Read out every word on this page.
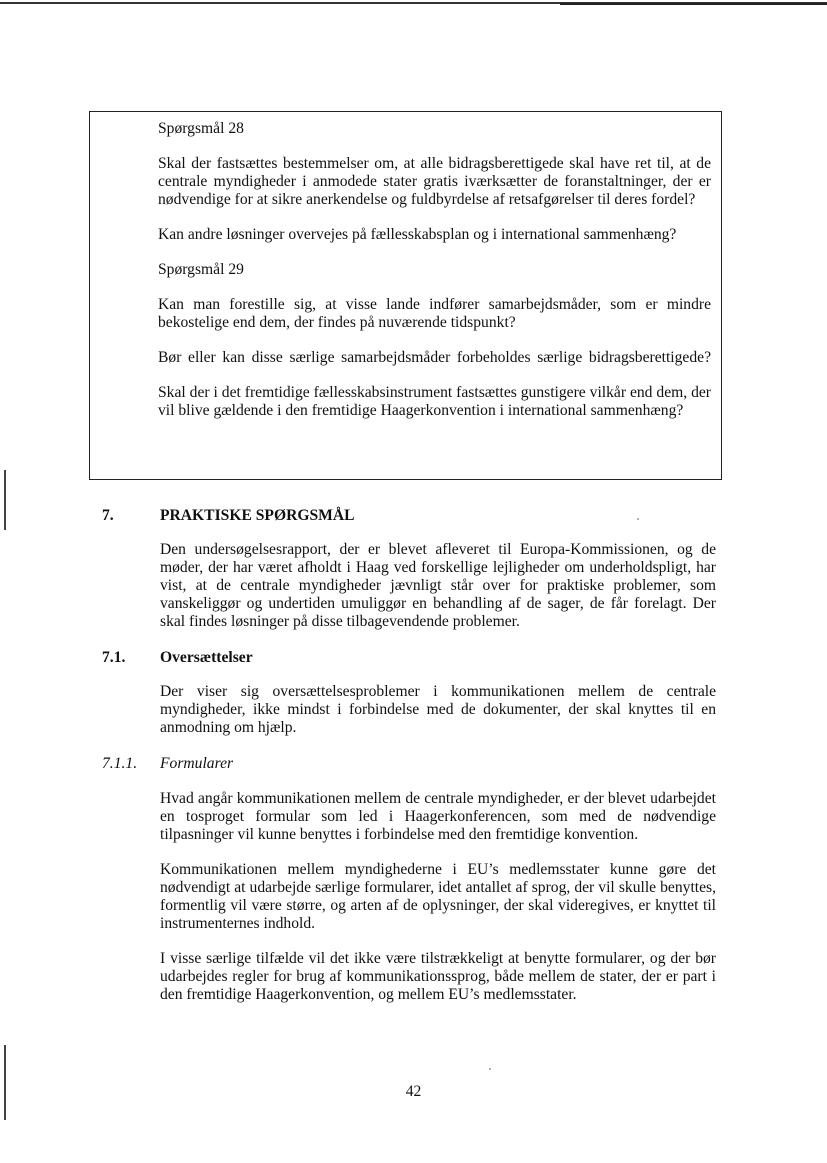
Spørgsmål 28

Skal der fastsættes bestemmelser om, at alle bidragsberettigede skal have ret til, at de centrale myndigheder i anmodede stater gratis iværksætter de foranstaltninger, der er nødvendige for at sikre anerkendelse og fuldbyrdelse af retsafgørelser til deres fordel?

Kan andre løsninger overvejes på fællesskabsplan og i international sammenhæng?

Spørgsmål 29

Kan man forestille sig, at visse lande indfører samarbejdsmåder, som er mindre bekostelige end dem, der findes på nuværende tidspunkt?

Bør eller kan disse særlige samarbejdsmåder forbeholdes særlige bidragsberettigede?

Skal der i det fremtidige fællesskabsinstrument fastsættes gunstigere vilkår end dem, der vil blive gældende i den fremtidige Haagerkonvention i international sammenhæng?

7.	PRAKTISKE SPØRGSMÅL

Den undersøgelsesrapport, der er blevet afleveret til Europa-Kommissionen, og de møder, der har været afholdt i Haag ved forskellige lejligheder om underholdspligt, har vist, at de centrale myndigheder jævnligt står over for praktiske problemer, som vanskeliggør og undertiden umuliggør en behandling af de sager, de får forelagt. Der skal findes løsninger på disse tilbagevendende problemer.

7.1. Oversættelser

Der viser sig oversættelsesproblemer i kommunikationen mellem de centrale myndigheder, ikke mindst i forbindelse med de dokumenter, der skal knyttes til en anmodning om hjælp.

7.1.1. Formularer

Hvad angår kommunikationen mellem de centrale myndigheder, er der blevet udarbejdet en tosproget formular som led i Haagerkonferencen, som med de nødvendige tilpasninger vil kunne benyttes i forbindelse med den fremtidige konvention.

Kommunikationen mellem myndighederne i EU’s medlemsstater kunne gøre det nødvendigt at udarbejde særlige formularer, idet antallet af sprog, der vil skulle benyttes, formentlig vil være større, og arten af de oplysninger, der skal videregives, er knyttet til instrumenternes indhold.

I visse særlige tilfælde vil det ikke være tilstrækkeligt at benytte formularer, og der bør udarbejdes regler for brug af kommunikationssprog, både mellem de stater, der er part i den fremtidige Haagerkonvention, og mellem EU’s medlemsstater.

42
